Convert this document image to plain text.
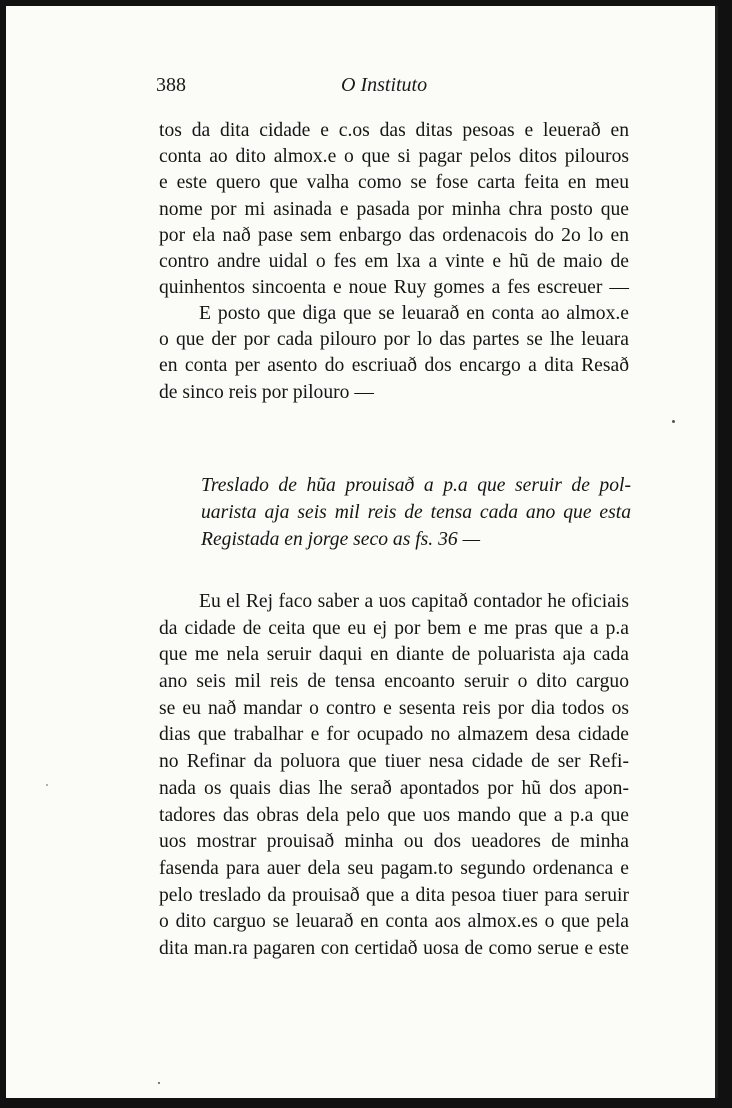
388	O Instituto
tos da dita cidade e c.os das ditas pesoas e leuerað en
conta ao dito almox.e o que si pagar pelos ditos pilouros
e este quero que valha como se fose carta feita en meu
nome por mi asinada e pasada por minha chra posto que
por ela nað pase sem enbargo das ordenacois do 2o lo en
contro andre uidal o fes em lxa a vinte e hũ de maio de
quinhentos sincoenta e noue Ruy gomes a fes escreuer —
E posto que diga que se leuarað en conta ao almox.e
o que der por cada pilouro por lo das partes se lhe leuara
en conta per asento do escriuað dos encargo a dita Resað
de sinco reis por pilouro —
Treslado de hũa prouisað a p.a que seruir de pol-
uarista aja seis mil reis de tensa cada ano que esta
Registada en jorge seco as fs. 36 —
Eu el Rej faco saber a uos capitað contador he oficiais
da cidade de ceita que eu ej por bem e me pras que a p.a
que me nela seruir daqui en diante de poluarista aja cada
ano seis mil reis de tensa encoanto seruir o dito carguo
se eu nað mandar o contro e sesenta reis por dia todos os
dias que trabalhar e for ocupado no almazem desa cidade
no Refinar da poluora que tiuer nesa cidade de ser Refi-
nada os quais dias lhe serað apontados por hũ dos apon-
tadores das obras dela pelo que uos mando que a p.a que
uos mostrar prouisað minha ou dos ueadores de minha
fasenda para auer dela seu pagam.to segundo ordenanca e
pelo treslado da prouisað que a dita pesoa tiuer para seruir
o dito carguo se leuarað en conta aos almox.es o que pela
dita man.ra pagaren con certidað uosa de como serue e este
